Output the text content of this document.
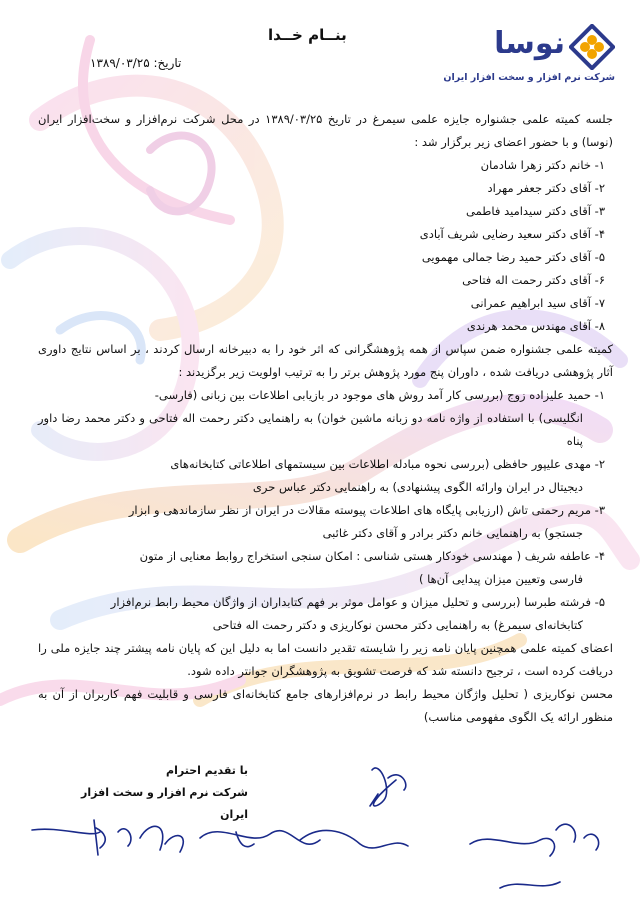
نوسا
شرکت نرم افزار و سخت افزار ایران
بنــام خــدا
تاریخ: ۱۳۸۹/۰۳/۲۵

جلسه کمیته علمی جشنواره جایزه علمی سیمرغ در تاریخ ۱۳۸۹/۰۳/۲۵ در محل شرکت نرم‌افزار و سخت‌افزار ایران (نوسا) و با حضور اعضای زیر برگزار شد :

۱- خانم دکتر زهرا شادمان
۲- آقای دکتر جعفر مهراد
۳- آقای دکتر سیدامید فاطمی
۴- آقای دکتر سعید رضایی شریف آبادی
۵- آقای دکتر حمید رضا جمالی مهمویی
۶- آقای دکتر رحمت اله فتاحی
۷- آقای سید ابراهیم عمرانی
۸- آقای مهندس محمد هرندی

کمیته علمی جشنواره ضمن سپاس از همه پژوهشگرانی که اثر خود را به دبیرخانه ارسال کردند ، بر اساس نتایج داوری آثار پژوهشی دریافت شده ، داوران پنج مورد پژوهش برتر را به ترتیب اولویت زیر برگزیدند :

۱- حمید علیزاده زوج (بررسی کار آمد روش های موجود در بازیابی اطلاعات بین زبانی (فارسی-
انگلیسی) با استفاده از واژه نامه دو زبانه ماشین خوان) به راهنمایی دکتر رحمت اله فتاحی و دکتر محمد رضا داور پناه
۲- مهدی علیپور حافظی (بررسی نحوه مبادله اطلاعات بین سیستمهای اطلاعاتی کتابخانه‌های
دیجیتال در ایران وارائه الگوی پیشنهادی) به راهنمایی دکتر عباس حری
۳- مریم رحمتی تاش (ارزیابی پایگاه های اطلاعات پیوسته مقالات در ایران از نظر سازماندهی و ابزار
جستجو) به راهنمایی خانم دکتر برادر و آقای دکتر غائبی
۴- عاطفه شریف ( مهندسی خودکار هستی شناسی : امکان سنجی استخراج روابط معنایی از متون
فارسی وتعیین میزان پیدایی آن‌ها )
۵- فرشته طبرسا (بررسی و تحلیل میزان و عوامل موثر بر فهم کتابداران از واژگان محیط رابط نرم‌افزار
کتابخانه‌ای سیمرغ) به راهنمایی دکتر محسن نوکاریزی و دکتر رحمت اله فتاحی

اعضای کمیته علمی همچنین پایان نامه زیر را شایسته تقدیر دانست اما به دلیل این که پایان نامه پیشتر چند جایزه ملی را دریافت کرده است ، ترجیح دانسته شد که فرصت تشویق به پژوهشگران جوانتر داده شود.

محسن نوکاریزی ( تحلیل واژگان محیط رابط در نرم‌افزارهای جامع کتابخانه‌ای فارسی و قابلیت فهم کاربران از آن به منظور ارائه یک الگوی مفهومی مناسب)

با تقدیم احترام
شرکت نرم افزار و سخت افزار ایران
